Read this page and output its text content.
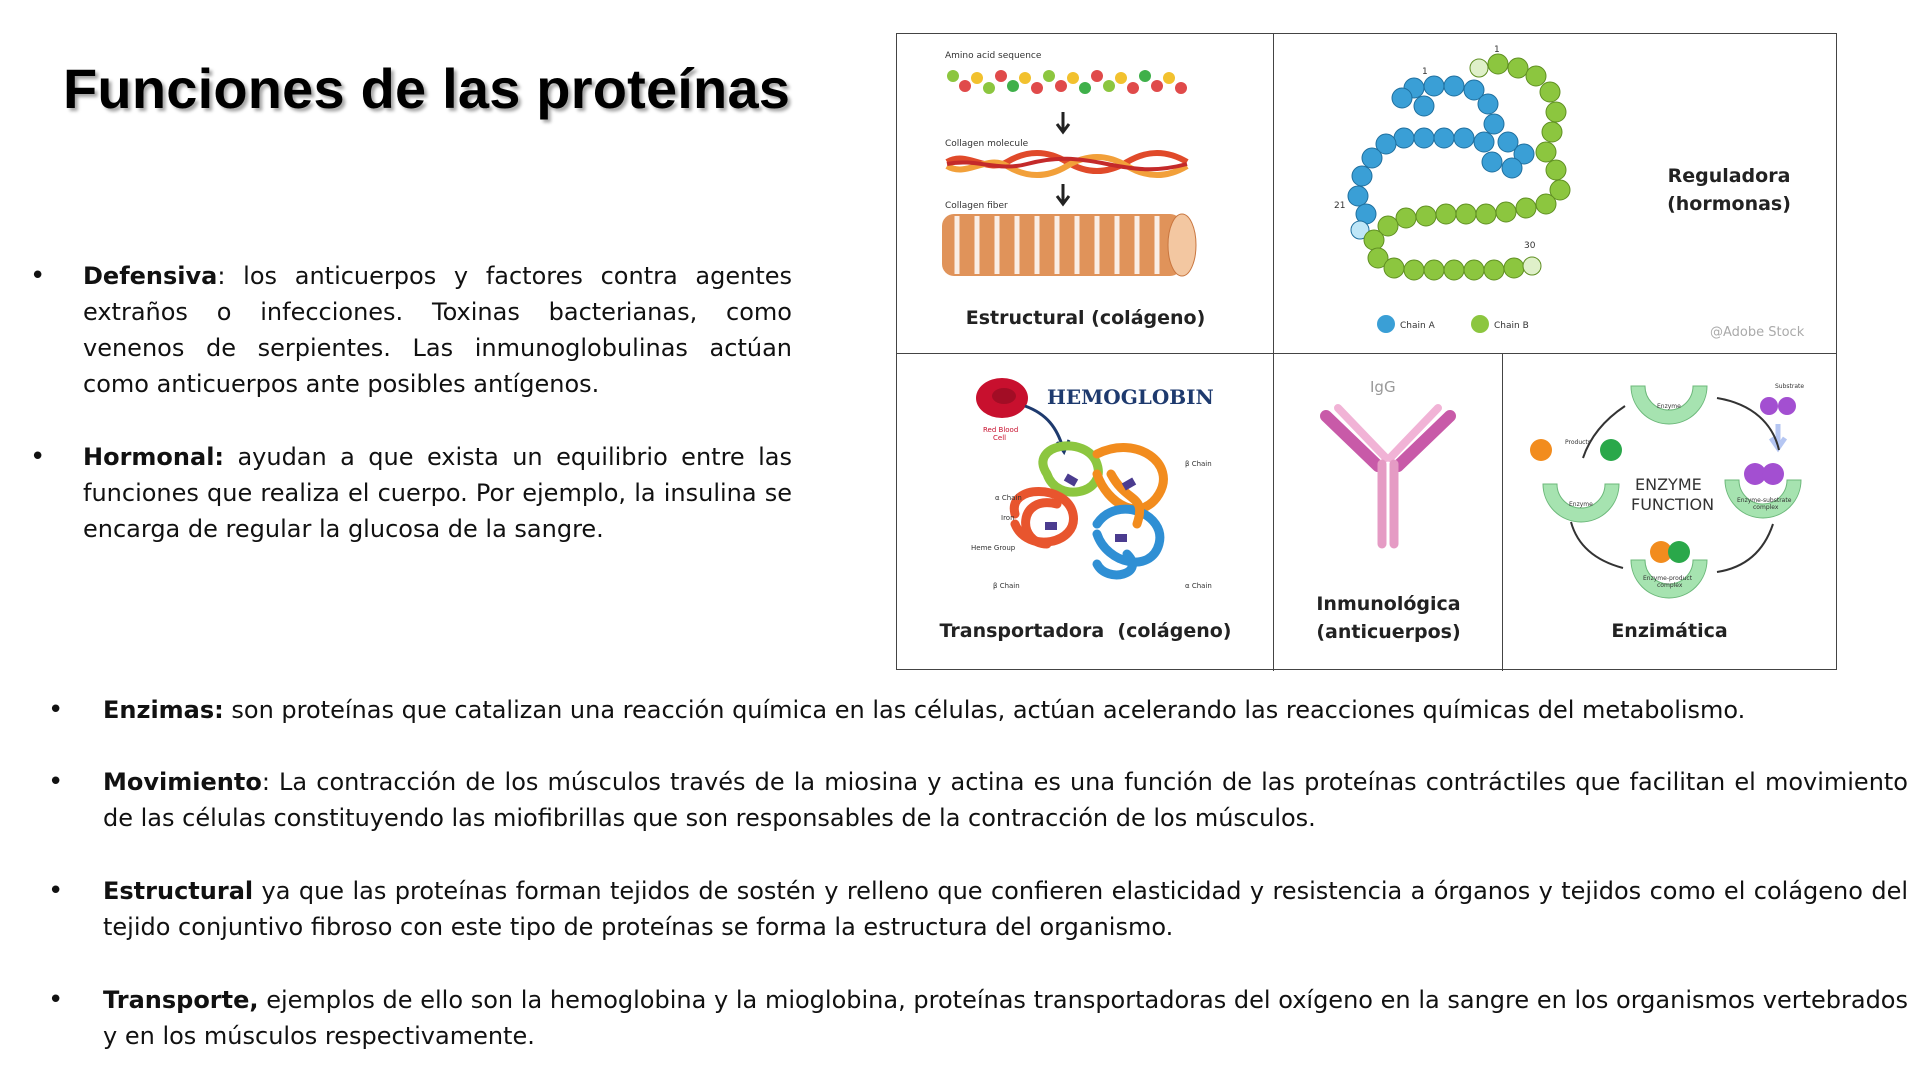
Funciones de las proteínas
• Defensiva: los anticuerpos y factores contra agentes extraños o infecciones. Toxinas bacterianas, como venenos de serpientes. Las inmunoglobulinas actúan como anticuerpos ante posibles antígenos.
• Hormonal: ayudan a que exista un equilibrio entre las funciones que realiza el cuerpo. Por ejemplo, la insulina se encarga de regular la glucosa de la sangre.
Amino acid sequence
Collagen molecule
Collagen fiber
Estructural (colágeno)
1
1
21
30
Chain A	Chain B	@Adobe Stock
Reguladora
(hormonas)
Red Blood
Cell
HEMOGLOBIN
β Chain
α Chain
Iron
Heme Group
β Chain	α Chain
Transportadora  (colágeno)
IgG
Inmunológica
(anticuerpos)
Enzyme
Enzyme
Enzyme-substrate
complex
Enzyme-product
complex
Substrate
Products
ENZYME
FUNCTION
Enzimática
• Enzimas: son proteínas que catalizan una reacción química en las células, actúan acelerando las reacciones químicas del metabolismo.
• Movimiento: La contracción de los músculos través de la miosina y actina es una función de las proteínas contráctiles que facilitan el movimiento de las células constituyendo las miofibrillas que son responsables de la contracción de los músculos.
• Estructural ya que las proteínas forman tejidos de sostén y relleno que confieren elasticidad y resistencia a órganos y tejidos como el colágeno del tejido conjuntivo fibroso con este tipo de proteínas se forma la estructura del organismo.
• Transporte, ejemplos de ello son la hemoglobina y la mioglobina, proteínas transportadoras del oxígeno en la sangre en los organismos vertebrados y en los músculos respectivamente.
